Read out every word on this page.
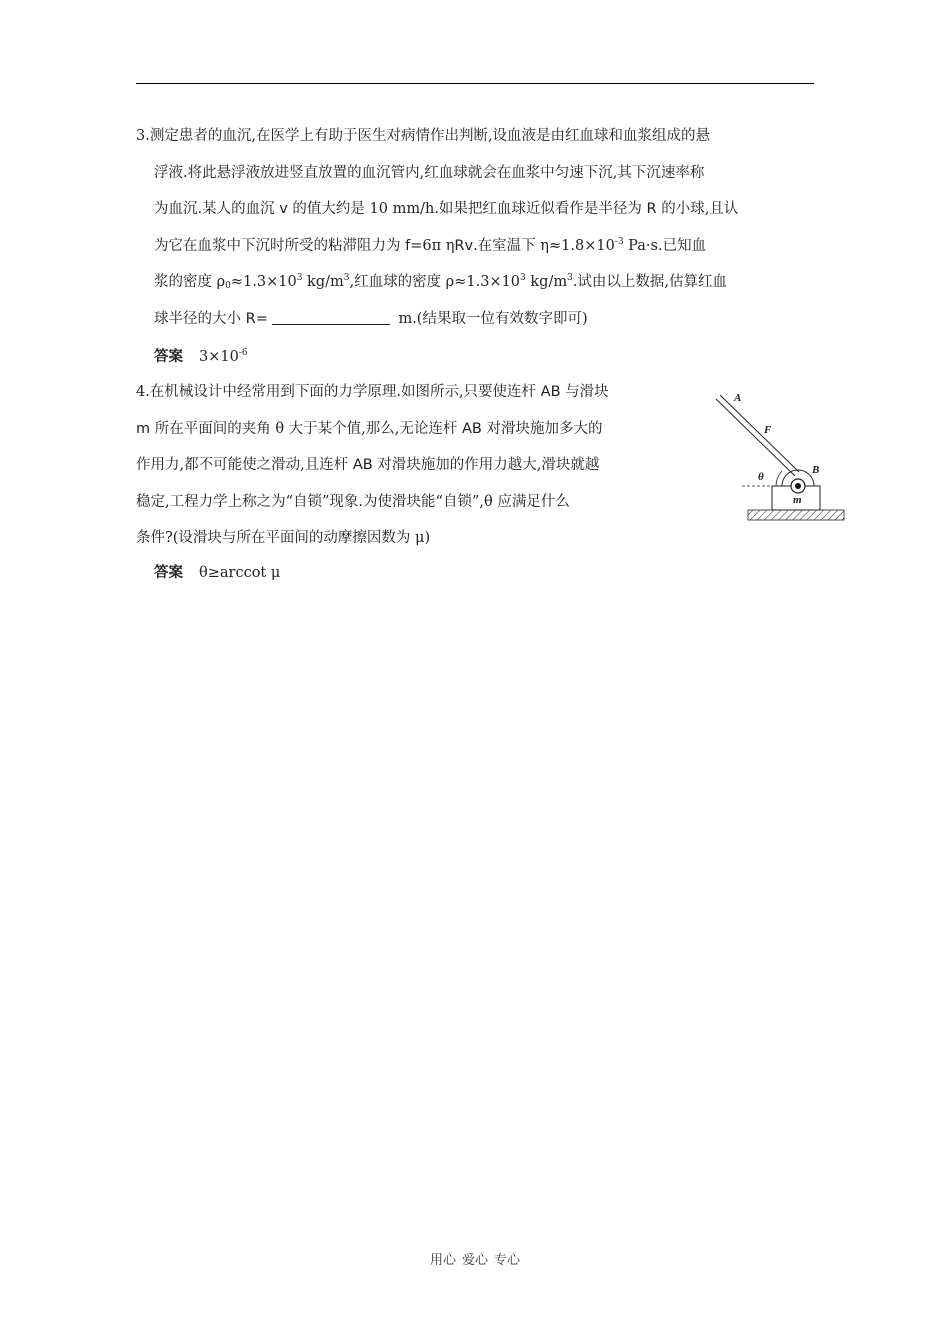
3.测定患者的血沉,在医学上有助于医生对病情作出判断,设血液是由红血球和血浆组成的悬
浮液.将此悬浮液放进竖直放置的血沉管内,红血球就会在血浆中匀速下沉,其下沉速率称
为血沉.某人的血沉 v 的值大约是 10 mm/h.如果把红血球近似看作是半径为 R 的小球,且认
为它在血浆中下沉时所受的粘滞阻力为 f=6π ηRv.在室温下 $\eta\approx 1.8\times 10^{-3}$ Pa·s.已知血
浆的密度 $\rho_0\approx 1.3\times 10^3$ $kg/m^3$,红血球的密度 $\rho\approx 1.3\times 10^3$ $kg/m^3$.试由以上数据,估算红血
球半径的大小 R=	m.(结果取一位有效数字即可)
答案 $3\times 10^{-6}$
4.在机械设计中经常用到下面的力学原理.如图所示,只要使连杆 AB 与滑块
m 所在平面间的夹角 θ 大于某个值,那么,无论连杆 AB 对滑块施加多大的
作用力,都不可能使之滑动,且连杆 AB 对滑块施加的作用力越大,滑块就越
稳定,工程力学上称之为“自锁”现象.为使滑块能“自锁”,θ 应满足什么
条件?(设滑块与所在平面间的动摩擦因数为 μ)
答案 θ≥arccot μ
A
F
B
θ
m
用心 爱心 专心
